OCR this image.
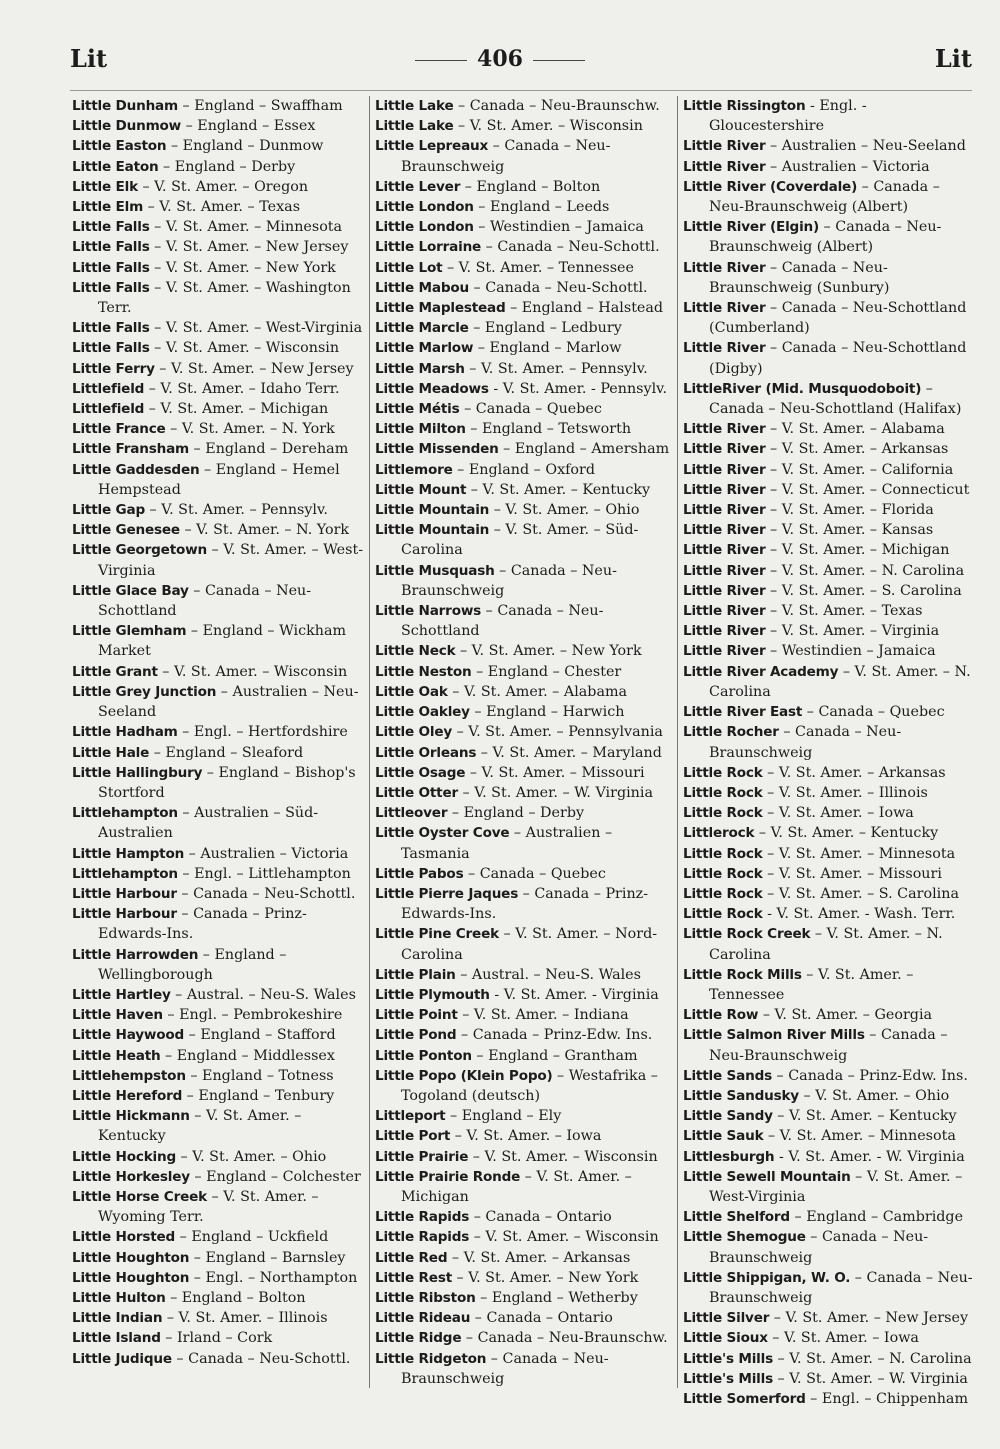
Lit	406	Lit
Little Dunham – England – Swaffham
Little Dunmow – England – Essex
Little Easton – England – Dunmow
Little Eaton – England – Derby
Little Elk – V. St. Amer. – Oregon
Little Elm – V. St. Amer. – Texas
Little Falls – V. St. Amer. – Minnesota
Little Falls – V. St. Amer. – New Jersey
Little Falls – V. St. Amer. – New York
Little Falls – V. St. Amer. – Washington Terr.
Little Falls – V. St. Amer. – West-Virginia
Little Falls – V. St. Amer. – Wisconsin
Little Ferry – V. St. Amer. – New Jersey
Littlefield – V. St. Amer. – Idaho Terr.
Littlefield – V. St. Amer. – Michigan
Little France – V. St. Amer. – N. York
Little Fransham – England – Dereham
Little Gaddesden – England – Hemel Hempstead
Little Gap – V. St. Amer. – Pennsylv.
Little Genesee – V. St. Amer. – N. York
Little Georgetown – V. St. Amer. – West-Virginia
Little Glace Bay – Canada – Neu-Schottland
Little Glemham – England – Wickham Market
Little Grant – V. St. Amer. – Wisconsin
Little Grey Junction – Australien – Neu-Seeland
Little Hadham – Engl. – Hertfordshire
Little Hale – England – Sleaford
Little Hallingbury – England – Bishop's Stortford
Littlehampton – Australien – Süd-Australien
Little Hampton – Australien – Victoria
Littlehampton – Engl. – Littlehampton
Little Harbour – Canada – Neu-Schottl.
Little Harbour – Canada – Prinz-Edwards-Ins.
Little Harrowden – England – Wellingborough
Little Hartley – Austral. – Neu-S. Wales
Little Haven – Engl. – Pembrokeshire
Little Haywood – England – Stafford
Little Heath – England – Middlessex
Littlehempston – England – Totness
Little Hereford – England – Tenbury
Little Hickmann – V. St. Amer. – Kentucky
Little Hocking – V. St. Amer. – Ohio
Little Horkesley – England – Colchester
Little Horse Creek – V. St. Amer. – Wyoming Terr.
Little Horsted – England – Uckfield
Little Houghton – England – Barnsley
Little Houghton – Engl. – Northampton
Little Hulton – England – Bolton
Little Indian – V. St. Amer. – Illinois
Little Island – Irland – Cork
Little Judique – Canada – Neu-Schottl.
Little Lake – Canada – Neu-Braunschw.
Little Lake – V. St. Amer. – Wisconsin
Little Lepreaux – Canada – Neu-Braunschweig
Little Lever – England – Bolton
Little London – England – Leeds
Little London – Westindien – Jamaica
Little Lorraine – Canada – Neu-Schottl.
Little Lot – V. St. Amer. – Tennessee
Little Mabou – Canada – Neu-Schottl.
Little Maplestead – England – Halstead
Little Marcle – England – Ledbury
Little Marlow – England – Marlow
Little Marsh – V. St. Amer. – Pennsylv.
Little Meadows - V. St. Amer. - Pennsylv.
Little Métis – Canada – Quebec
Little Milton – England – Tetsworth
Little Missenden – England – Amersham
Littlemore – England – Oxford
Little Mount – V. St. Amer. – Kentucky
Little Mountain – V. St. Amer. – Ohio
Little Mountain – V. St. Amer. – Süd-Carolina
Little Musquash – Canada – Neu-Braunschweig
Little Narrows – Canada – Neu-Schottland
Little Neck – V. St. Amer. – New York
Little Neston – England – Chester
Little Oak – V. St. Amer. – Alabama
Little Oakley – England – Harwich
Little Oley – V. St. Amer. – Pennsylvania
Little Orleans – V. St. Amer. – Maryland
Little Osage – V. St. Amer. – Missouri
Little Otter – V. St. Amer. – W. Virginia
Littleover – England – Derby
Little Oyster Cove – Australien – Tasmania
Little Pabos – Canada – Quebec
Little Pierre Jaques – Canada – Prinz-Edwards-Ins.
Little Pine Creek – V. St. Amer. – Nord-Carolina
Little Plain – Austral. – Neu-S. Wales
Little Plymouth - V. St. Amer. - Virginia
Little Point – V. St. Amer. – Indiana
Little Pond – Canada – Prinz-Edw. Ins.
Little Ponton – England – Grantham
Little Popo (Klein Popo) – Westafrika – Togoland (deutsch)
Littleport – England – Ely
Little Port – V. St. Amer. – Iowa
Little Prairie – V. St. Amer. – Wisconsin
Little Prairie Ronde – V. St. Amer. – Michigan
Little Rapids – Canada – Ontario
Little Rapids – V. St. Amer. – Wisconsin
Little Red – V. St. Amer. – Arkansas
Little Rest – V. St. Amer. – New York
Little Ribston – England – Wetherby
Little Rideau – Canada – Ontario
Little Ridge – Canada – Neu-Braunschw.
Little Ridgeton – Canada – Neu-Braunschweig
Little Rissington - Engl. - Gloucestershire
Little River – Australien – Neu-Seeland
Little River – Australien – Victoria
Little River (Coverdale) – Canada – Neu-Braunschweig (Albert)
Little River (Elgin) – Canada – Neu-Braunschweig (Albert)
Little River – Canada – Neu-Braunschweig (Sunbury)
Little River – Canada – Neu-Schottland (Cumberland)
Little River – Canada – Neu-Schottland (Digby)
LittleRiver (Mid. Musquodoboit) – Canada – Neu-Schottland (Halifax)
Little River – V. St. Amer. – Alabama
Little River – V. St. Amer. – Arkansas
Little River – V. St. Amer. – California
Little River – V. St. Amer. – Connecticut
Little River – V. St. Amer. – Florida
Little River – V. St. Amer. – Kansas
Little River – V. St. Amer. – Michigan
Little River – V. St. Amer. – N. Carolina
Little River – V. St. Amer. – S. Carolina
Little River – V. St. Amer. – Texas
Little River – V. St. Amer. – Virginia
Little River – Westindien – Jamaica
Little River Academy – V. St. Amer. – N. Carolina
Little River East – Canada – Quebec
Little Rocher – Canada – Neu-Braunschweig
Little Rock – V. St. Amer. – Arkansas
Little Rock – V. St. Amer. – Illinois
Little Rock – V. St. Amer. – Iowa
Littlerock – V. St. Amer. – Kentucky
Little Rock – V. St. Amer. – Minnesota
Little Rock – V. St. Amer. – Missouri
Little Rock – V. St. Amer. – S. Carolina
Little Rock - V. St. Amer. - Wash. Terr.
Little Rock Creek – V. St. Amer. – N. Carolina
Little Rock Mills – V. St. Amer. – Tennessee
Little Row – V. St. Amer. – Georgia
Little Salmon River Mills – Canada – Neu-Braunschweig
Little Sands – Canada – Prinz-Edw. Ins.
Little Sandusky – V. St. Amer. – Ohio
Little Sandy – V. St. Amer. – Kentucky
Little Sauk – V. St. Amer. – Minnesota
Littlesburgh - V. St. Amer. - W. Virginia
Little Sewell Mountain – V. St. Amer. – West-Virginia
Little Shelford – England – Cambridge
Little Shemogue – Canada – Neu-Braunschweig
Little Shippigan, W. O. – Canada – Neu-Braunschweig
Little Silver – V. St. Amer. – New Jersey
Little Sioux – V. St. Amer. – Iowa
Little's Mills – V. St. Amer. – N. Carolina
Little's Mills – V. St. Amer. – W. Virginia
Little Somerford – Engl. – Chippenham
